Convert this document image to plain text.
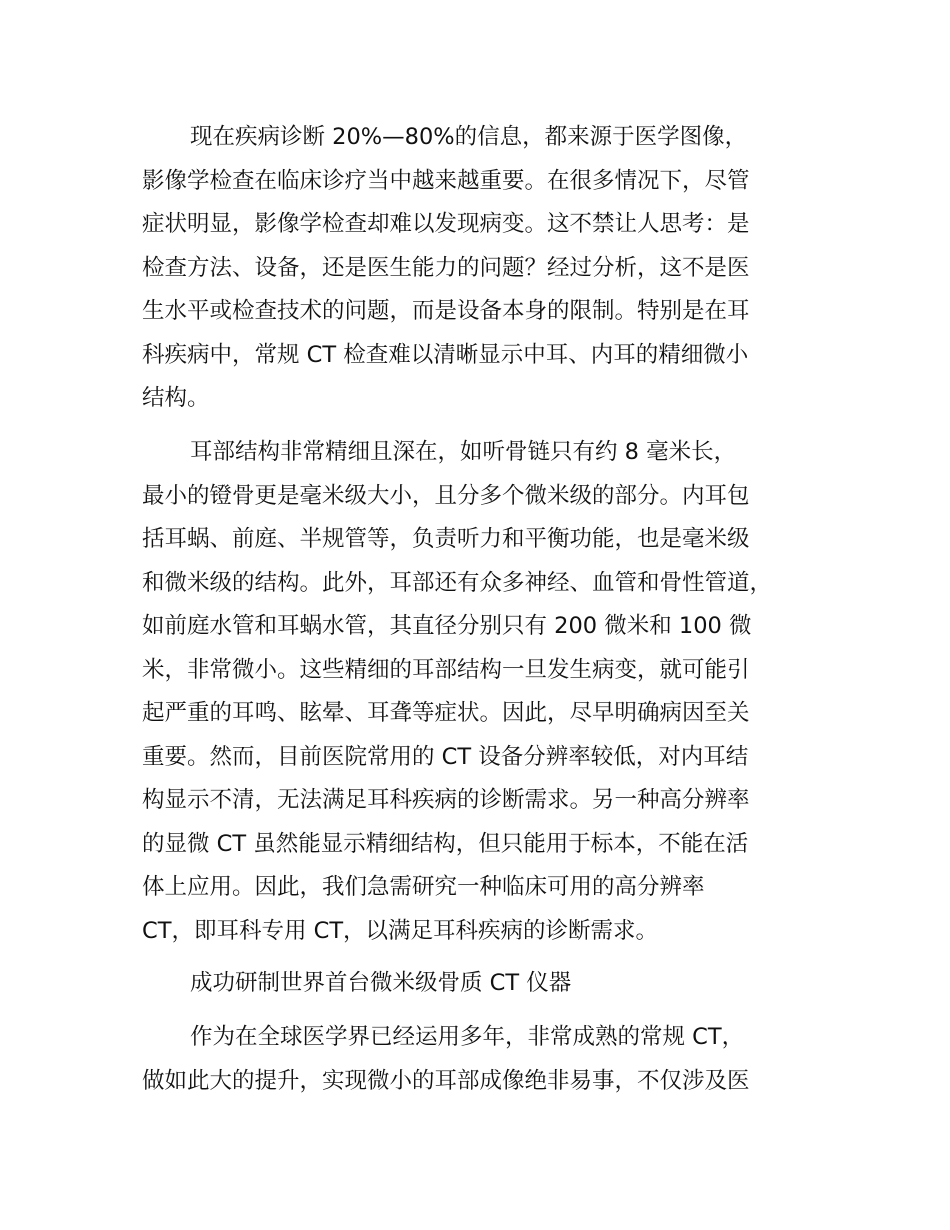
现在疾病诊断 20%—80%的信息，都来源于医学图像，
影像学检查在临床诊疗当中越来越重要。在很多情况下，尽管
症状明显，影像学检查却难以发现病变。这不禁让人思考：是
检查方法、设备，还是医生能力的问题？经过分析，这不是医
生水平或检查技术的问题，而是设备本身的限制。特别是在耳
科疾病中，常规 CT 检查难以清晰显示中耳、内耳的精细微小
结构。
耳部结构非常精细且深在，如听骨链只有约 8 毫米长，
最小的镫骨更是毫米级大小，且分多个微米级的部分。内耳包
括耳蜗、前庭、半规管等，负责听力和平衡功能，也是毫米级
和微米级的结构。此外，耳部还有众多神经、血管和骨性管道，
如前庭水管和耳蜗水管，其直径分别只有 200 微米和 100 微
米，非常微小。这些精细的耳部结构一旦发生病变，就可能引
起严重的耳鸣、眩晕、耳聋等症状。因此，尽早明确病因至关
重要。然而，目前医院常用的 CT 设备分辨率较低，对内耳结
构显示不清，无法满足耳科疾病的诊断需求。另一种高分辨率
的显微 CT 虽然能显示精细结构，但只能用于标本，不能在活
体上应用。因此，我们急需研究一种临床可用的高分辨率
CT，即耳科专用 CT，以满足耳科疾病的诊断需求。
成功研制世界首台微米级骨质 CT 仪器
作为在全球医学界已经运用多年，非常成熟的常规 CT，
做如此大的提升，实现微小的耳部成像绝非易事，不仅涉及医
